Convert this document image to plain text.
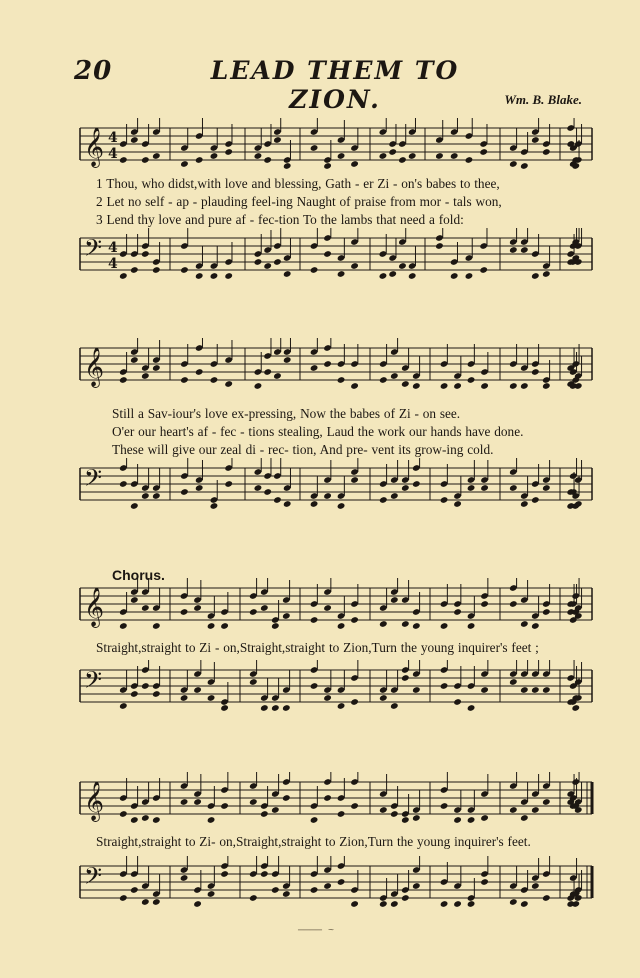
20	LEAD THEM TO ZION.	Wm. B. Blake.
𝄞 4
4
1 Thou, who didst,with love and blessing, Gath - er Zi - on's babes to thee,
2 Let no self - ap - plauding feel-ing Naught of praise from mor - tals won,
3 Lend thy love and pure af - fec-tion To the lambs that need a fold:
𝄢 4
4
𝄞
Still a Sav-iour's love ex-pressing, Now the babes of Zi - on see.
O'er our heart's af - fec - tions stealing, Laud the work our hands have done.
These will give our zeal di - rec- tion, And pre- vent its grow-ing cold.
𝄢
Chorus.
𝄞
Straight,straight to Zi - on,Straight,straight to Zion,Turn the young inquirer's feet ;
𝄢
𝄞
Straight,straight to Zi- on,Straight,straight to Zion,Turn the young inquirer's feet.
𝄢
──── ~
